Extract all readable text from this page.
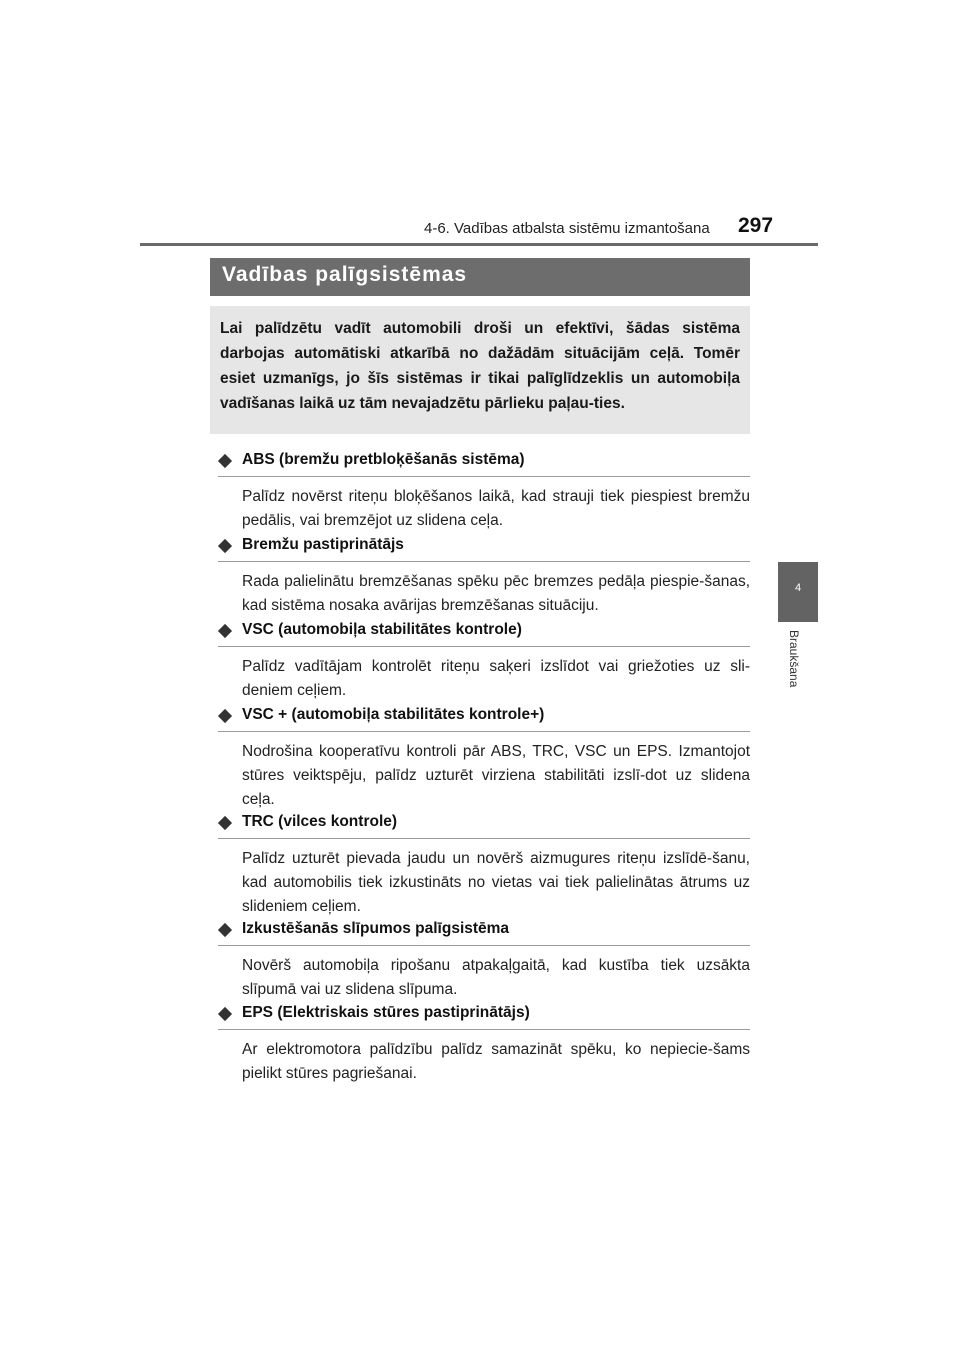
4-6. Vadības atbalsta sistēmu izmantošana 297
4
Braukšana
Vadības palīgsistēmas

Lai palīdzētu vadīt automobili droši un efektīvi, šādas sistēma darbojas automātiski atkarībā no dažādām situācijām ceļā. Tomēr esiet uzmanīgs, jo šīs sistēmas ir tikai palīglīdzeklis un automobiļa vadīšanas laikā uz tām nevajadzētu pārlieku paļau-ties.

ABS (bremžu pretbloķēšanās sistēma)

Palīdz novērst riteņu bloķēšanos laikā, kad strauji tiek piespiest bremžu pedālis, vai bremzējot uz slidena ceļa.

Bremžu pastiprinātājs

Rada palielinātu bremzēšanas spēku pēc bremzes pedāļa piespie-šanas, kad sistēma nosaka avārijas bremzēšanas situāciju.

VSC (automobiļa stabilitātes kontrole)

Palīdz vadītājam kontrolēt riteņu saķeri izslīdot vai griežoties uz sli-deniem ceļiem.

VSC + (automobiļa stabilitātes kontrole+)

Nodrošina kooperatīvu kontroli pār ABS, TRC, VSC un EPS. Izmantojot stūres veiktspēju, palīdz uzturēt virziena stabilitāti izslī-dot uz slidena ceļa.

TRC (vilces kontrole)

Palīdz uzturēt pievada jaudu un novērš aizmugures riteņu izslīdē-šanu, kad automobilis tiek izkustināts no vietas vai tiek palielinātas ātrums uz slideniem ceļiem.

Izkustēšanās slīpumos palīgsistēma

Novērš automobiļa ripošanu atpakaļgaitā, kad kustība tiek uzsākta slīpumā vai uz slidena slīpuma.

EPS (Elektriskais stūres pastiprinātājs)

Ar elektromotora palīdzību palīdz samazināt spēku, ko nepiecie-šams pielikt stūres pagriešanai.
